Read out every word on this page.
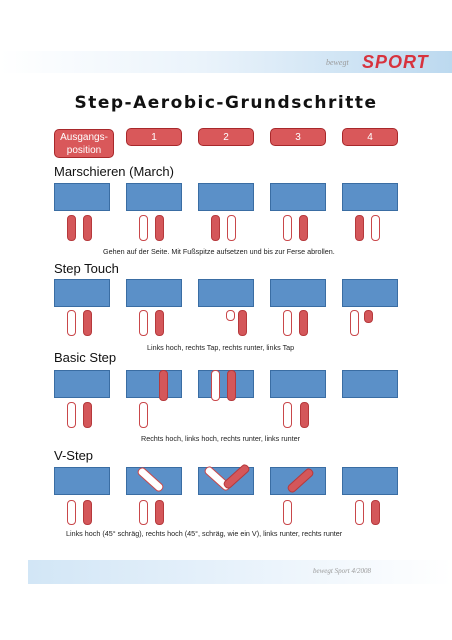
bewegt SPORT
Step-Aerobic-Grundschritte
Ausgangs-
position
1	2	3	4
Marschieren (March)
Gehen auf der Seite. Mit Fußspitze aufsetzen und bis zur Ferse abrollen.
Step Touch
Links hoch, rechts Tap, rechts runter, links Tap
Basic Step
Rechts hoch, links hoch, rechts runter, links runter
V-Step
Links hoch (45° schräg), rechts hoch (45°, schräg, wie ein V), links runter, rechts runter
bewegt Sport 4/2008
